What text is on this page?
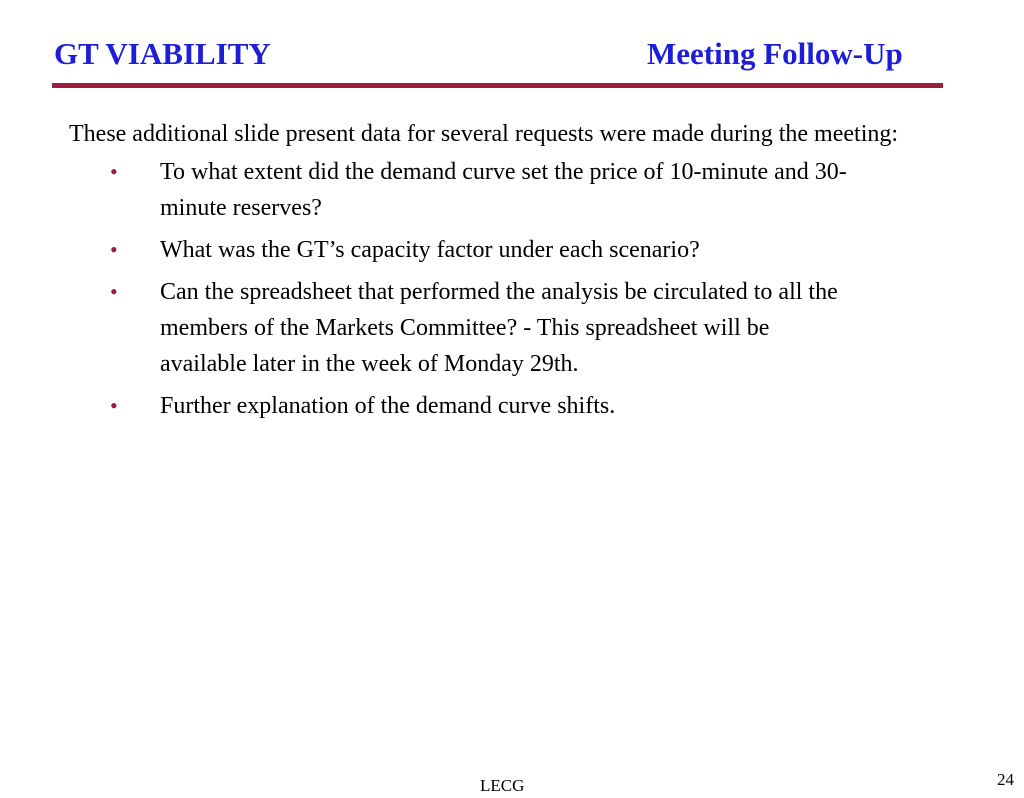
GT VIABILITY	Meeting Follow-Up

These additional slide present data for several requests were made during the meeting:

• To what extent did the demand curve set the price of 10-minute and 30-minute reserves?
• What was the GT’s capacity factor under each scenario?
• Can the spreadsheet that performed the analysis be circulated to all the members of the Markets Committee? - This spreadsheet will be available later in the week of Monday 29th.
• Further explanation of the demand curve shifts.
LECG	24
